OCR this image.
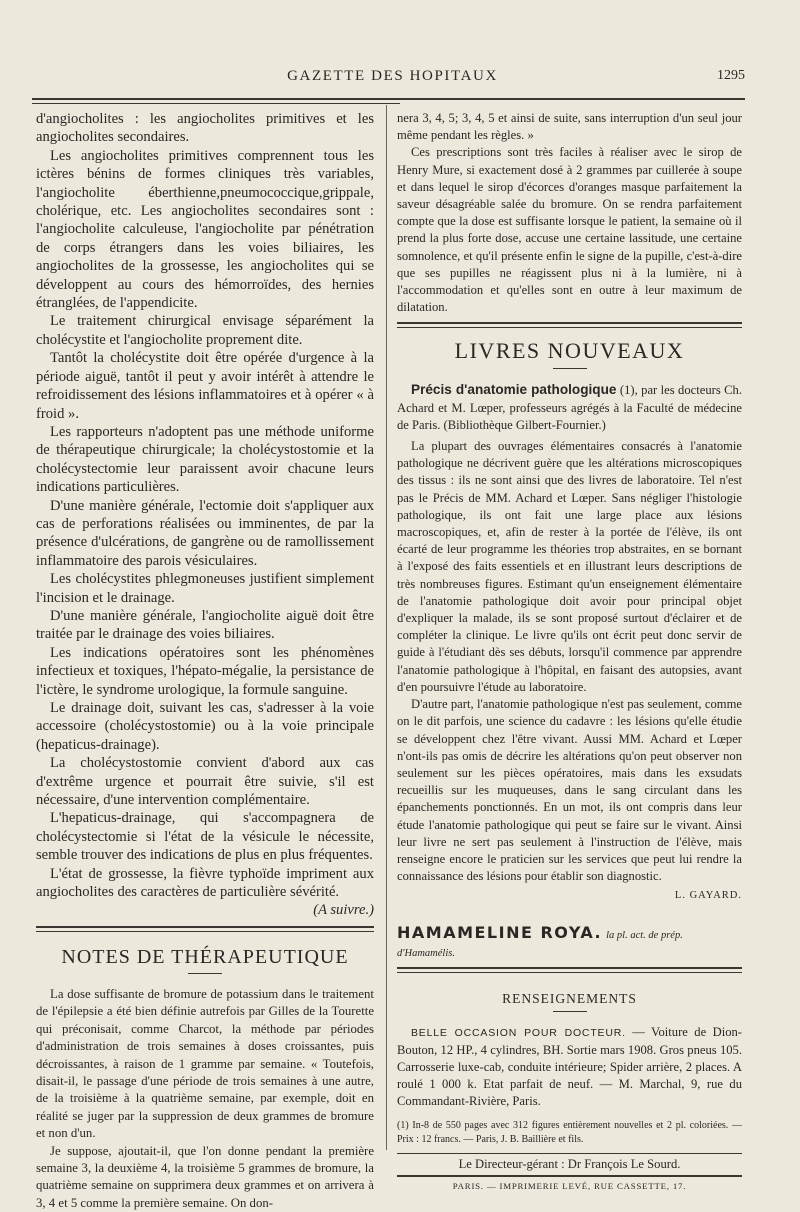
GAZETTE DES HOPITAUX	1295

d'angiocholites : les angiocholites primitives et les angiocholites secondaires.

Les angiocholites primitives comprennent tous les ictères bénins de formes cliniques très variables, l'angiocholite éberthienne,pneumococcique,grippale, cholérique, etc. Les angiocholites secondaires sont : l'angiocholite calculeuse, l'angiocholite par pénétration de corps étrangers dans les voies biliaires, les angiocholites de la grossesse, les angiocholites qui se développent au cours des hémorroïdes, des hernies étranglées, de l'appendicite.

Le traitement chirurgical envisage séparément la cholécystite et l'angiocholite proprement dite.

Tantôt la cholécystite doit être opérée d'urgence à la période aiguë, tantôt il peut y avoir intérêt à attendre le refroidissement des lésions inflammatoires et à opérer « à froid ».

Les rapporteurs n'adoptent pas une méthode uniforme de thérapeutique chirurgicale; la cholécystostomie et la cholécystectomie leur paraissent avoir chacune leurs indications particulières.

D'une manière générale, l'ectomie doit s'appliquer aux cas de perforations réalisées ou imminentes, de par la présence d'ulcérations, de gangrène ou de ramollissement inflammatoire des parois vésiculaires.

Les cholécystites phlegmoneuses justifient simplement l'incision et le drainage.

D'une manière générale, l'angiocholite aiguë doit être traitée par le drainage des voies biliaires.

Les indications opératoires sont les phénomènes infectieux et toxiques, l'hépato-mégalie, la persistance de l'ictère, le syndrome urologique, la formule sanguine.

Le drainage doit, suivant les cas, s'adresser à la voie accessoire (cholécystostomie) ou à la voie principale (hepaticus-drainage).

La cholécystostomie convient d'abord aux cas d'extrême urgence et pourrait être suivie, s'il est nécessaire, d'une intervention complémentaire.

L'hepaticus-drainage, qui s'accompagnera de cholécystectomie si l'état de la vésicule le nécessite, semble trouver des indications de plus en plus fréquentes.

L'état de grossesse, la fièvre typhoïde impriment aux angiocholites des caractères de particulière sévérité.

(A suivre.)

NOTES DE THÉRAPEUTIQUE

La dose suffisante de bromure de potassium dans le traitement de l'épilepsie a été bien définie autrefois par Gilles de la Tourette qui préconisait, comme Charcot, la méthode par périodes d'administration de trois semaines à doses croissantes, puis décroissantes, à raison de 1 gramme par semaine. « Toutefois, disait-il, le passage d'une période de trois semaines à une autre, de la troisième à la quatrième semaine, par exemple, doit en réalité se juger par la suppression de deux grammes de bromure et non d'un.

Je suppose, ajoutait-il, que l'on donne pendant la première semaine 3, la deuxième 4, la troisième 5 grammes de bromure, la quatrième semaine on supprimera deux grammes et on arrivera à 3, 4 et 5 comme la première semaine. On don-

nera 3, 4, 5; 3, 4, 5 et ainsi de suite, sans interruption d'un seul jour même pendant les règles. »

Ces prescriptions sont très faciles à réaliser avec le sirop de Henry Mure, si exactement dosé à 2 grammes par cuillerée à soupe et dans lequel le sirop d'écorces d'oranges masque parfaitement la saveur désagréable salée du bromure. On se rendra parfaitement compte que la dose est suffisante lorsque le patient, la semaine où il prend la plus forte dose, accuse une certaine lassitude, une certaine somnolence, et qu'il présente enfin le signe de la pupille, c'est-à-dire que ses pupilles ne réagissent plus ni à la lumière, ni à l'accommodation et qu'elles sont en outre à leur maximum de dilatation.

LIVRES NOUVEAUX

Précis d'anatomie pathologique (1), par les docteurs Ch. Achard et M. Lœper, professeurs agrégés à la Faculté de médecine de Paris. (Bibliothèque Gilbert-Fournier.)

La plupart des ouvrages élémentaires consacrés à l'anatomie pathologique ne décrivent guère que les altérations microscopiques des tissus : ils ne sont ainsi que des livres de laboratoire. Tel n'est pas le Précis de MM. Achard et Lœper. Sans négliger l'histologie pathologique, ils ont fait une large place aux lésions macroscopiques, et, afin de rester à la portée de l'élève, ils ont écarté de leur programme les théories trop abstraites, en se bornant à l'exposé des faits essentiels et en illustrant leurs descriptions de très nombreuses figures. Estimant qu'un enseignement élémentaire de l'anatomie pathologique doit avoir pour principal objet d'expliquer la malade, ils se sont proposé surtout d'éclairer et de compléter la clinique. Le livre qu'ils ont écrit peut donc servir de guide à l'étudiant dès ses débuts, lorsqu'il commence par apprendre l'anatomie pathologique à l'hôpital, en faisant des autopsies, avant d'en poursuivre l'étude au laboratoire.

D'autre part, l'anatomie pathologique n'est pas seulement, comme on le dit parfois, une science du cadavre : les lésions qu'elle étudie se développent chez l'être vivant. Aussi MM. Achard et Lœper n'ont-ils pas omis de décrire les altérations qu'on peut observer non seulement sur les pièces opératoires, mais dans les exsudats recueillis sur les muqueuses, dans le sang circulant dans les épanchements ponctionnés. En un mot, ils ont compris dans leur étude l'anatomie pathologique qui peut se faire sur le vivant. Ainsi leur livre ne sert pas seulement à l'instruction de l'élève, mais renseigne encore le praticien sur les services que peut lui rendre la connaissance des lésions pour établir son diagnostic.

L. GAYARD.
HAMAMELINE ROYA. la pl. act. de prép. d'Hamamélis.
RENSEIGNEMENTS

BELLE OCCASION POUR DOCTEUR. — Voiture de Dion-Bouton, 12 HP., 4 cylindres, BH. Sortie mars 1908. Gros pneus 105. Carrosserie luxe-cab, conduite intérieure; Spider arrière, 2 places. A roulé 1 000 k. Etat parfait de neuf. — M. Marchal, 9, rue du Commandant-Rivière, Paris.

(1) In-8 de 550 pages avec 312 figures entièrement nouvelles et 2 pl. coloriées. — Prix : 12 francs. — Paris, J. B. Baillière et fils.

Le Directeur-gérant : Dr François Le Sourd.
PARIS. — IMPRIMERIE LEVÉ, RUE CASSETTE, 17.
